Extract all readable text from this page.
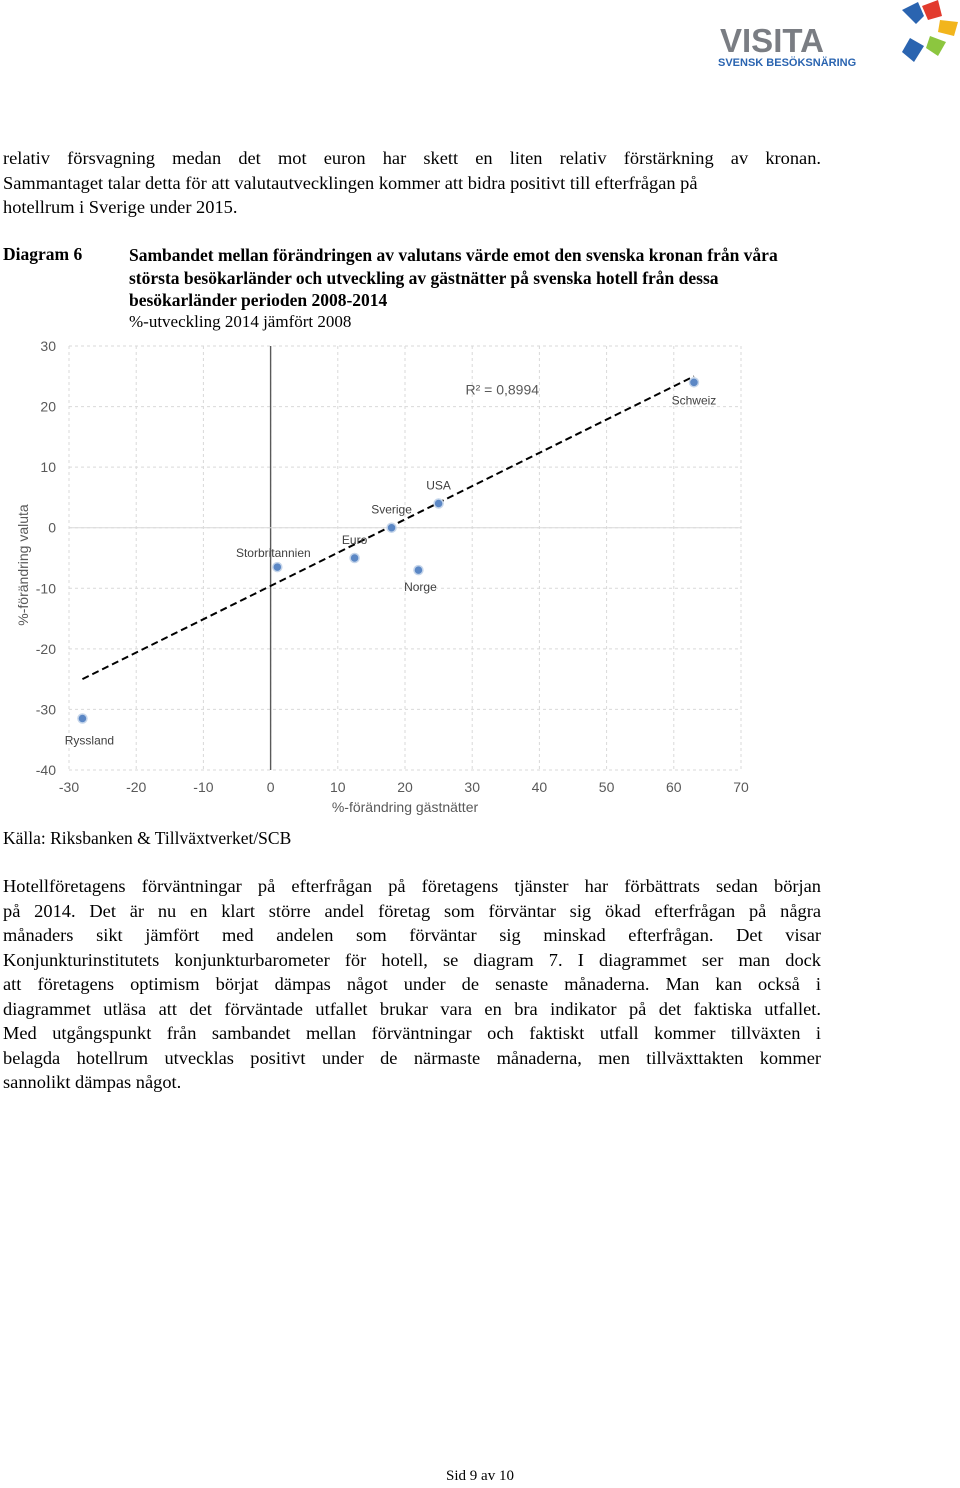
VISITA
SVENSK BESÖKSNÄRING
relativ försvagning medan det mot euron har skett en liten relativ förstärkning av kronan.
Sammantaget talar detta för att valutautvecklingen kommer att bidra positivt till efterfrågan på
hotellrum i Sverige under 2015.
Diagram 6	Sambandet mellan förändringen av valutans värde emot den svenska kronan från våra största besökarländer och utveckling av gästnätter på svenska hotell från dessa besökarländer perioden 2008-2014

%-utveckling 2014 jämfört 2008
-30	-20	-10	0	10	20	30	40	50	60	70
30
20
10
0
-10
-20
-30
-40
Schweiz
USA
Sverige
Euro
Storbritannien
Norge
Ryssland
R² = 0,8994
%-förändring gästnätter
%-förändring valuta
Källa: Riksbanken & Tillväxtverket/SCB
Hotellföretagens förväntningar på efterfrågan på företagens tjänster har förbättrats sedan början
på 2014. Det är nu en klart större andel företag som förväntar sig ökad efterfrågan på några
månaders sikt jämfört med andelen som förväntar sig minskad efterfrågan. Det visar
Konjunkturinstitutets konjunkturbarometer för hotell, se diagram 7. I diagrammet ser man dock
att företagens optimism börjat dämpas något under de senaste månaderna. Man kan också i
diagrammet utläsa att det förväntade utfallet brukar vara en bra indikator på det faktiska utfallet.
Med utgångspunkt från sambandet mellan förväntningar och faktiskt utfall kommer tillväxten i
belagda hotellrum utvecklas positivt under de närmaste månaderna, men tillväxttakten kommer
sannolikt dämpas något.
Sid 9 av 10
